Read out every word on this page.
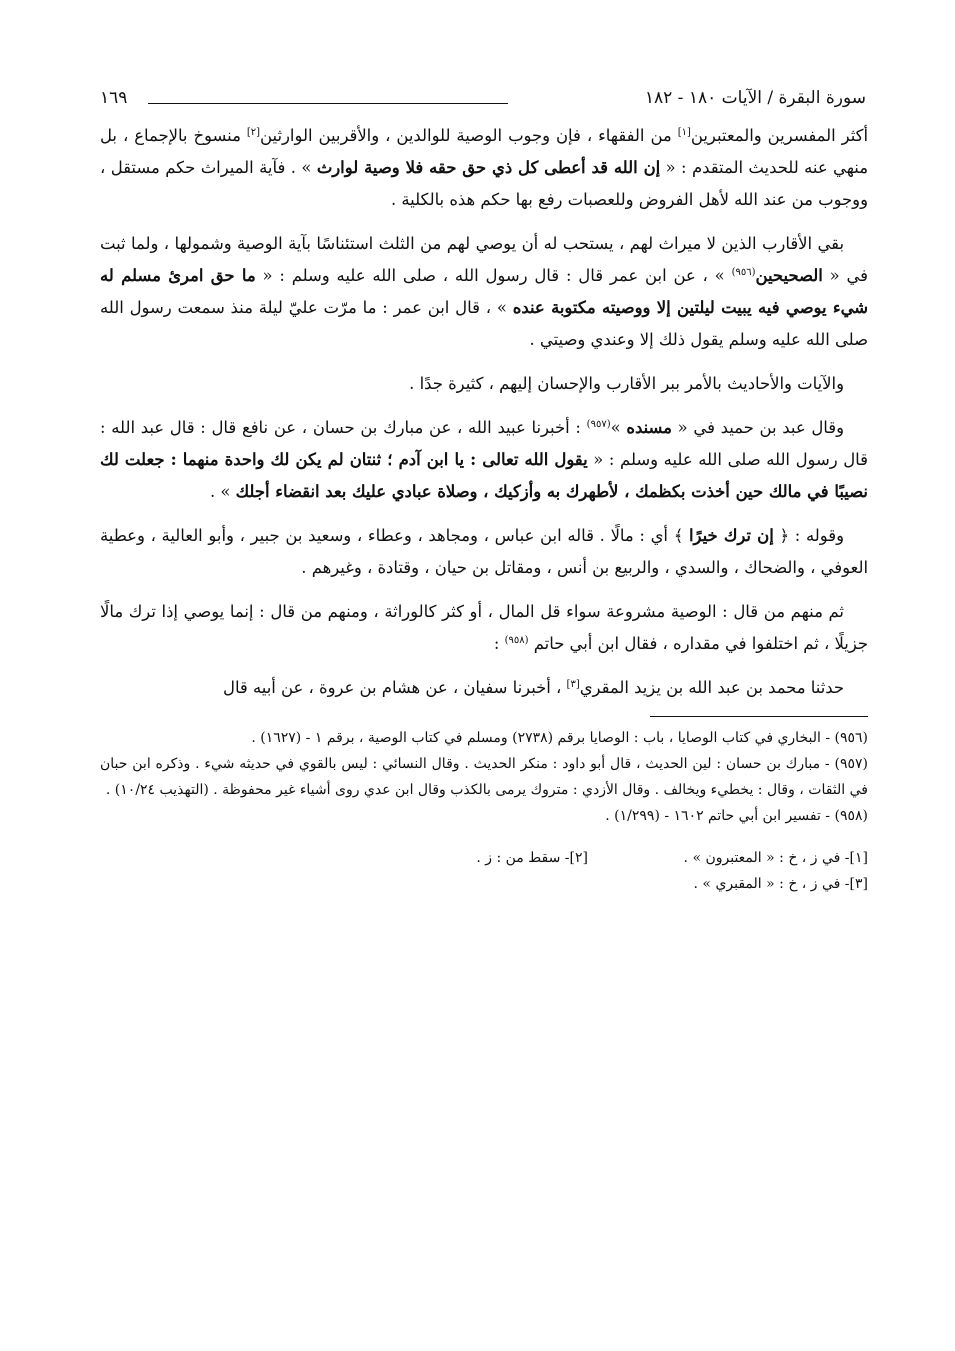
سورة البقرة / الآيات ١٨٠ - ١٨٢
١٦٩

أكثر المفسرين والمعتبرين[١] من الفقهاء ، فإن وجوب الوصية للوالدين ، والأقربين الوارثين[٢] منسوخ بالإجماع ، بل منهي عنه للحديث المتقدم : « إن الله قد أعطى كل ذي حق حقه فلا وصية لوارث » . فآية الميراث حكم مستقل ، ووجوب من عند الله لأهل الفروض وللعصبات رفع بها حكم هذه بالكلية .

بقي الأقارب الذين لا ميراث لهم ، يستحب له أن يوصي لهم من الثلث استئناسًا بآية الوصية وشمولها ، ولما ثبت في « الصحيحين$^{(٩٥٦)}$ » ، عن ابن عمر قال : قال رسول الله ، صلى الله عليه وسلم : « ما حق امرئ مسلم له شيء يوصي فيه يبيت ليلتين إلا ووصيته مكتوبة عنده » ، قال ابن عمر : ما مرّت عليّ ليلة منذ سمعت رسول الله صلى الله عليه وسلم يقول ذلك إلا وعندي وصيتي .

والآيات والأحاديث بالأمر ببر الأقارب والإحسان إليهم ، كثيرة جدًا .

وقال عبد بن حميد في « مسنده »$^{(٩٥٧)}$ : أخبرنا عبيد الله ، عن مبارك بن حسان ، عن نافع قال : قال عبد الله : قال رسول الله صلى الله عليه وسلم : « يقول الله تعالى : يا ابن آدم ؛ ثنتان لم يكن لك واحدة منهما : جعلت لك نصيبًا في مالك حين أخذت بكظمك ، لأطهرك به وأزكيك ، وصلاة عبادي عليك بعد انقضاء أجلك » .

وقوله : ﴿ إن ترك خيرًا ﴾ أي : مالًا . قاله ابن عباس ، ومجاهد ، وعطاء ، وسعيد بن جبير ، وأبو العالية ، وعطية العوفي ، والضحاك ، والسدي ، والربيع بن أنس ، ومقاتل بن حيان ، وقتادة ، وغيرهم .

ثم منهم من قال : الوصية مشروعة سواء قل المال ، أو كثر كالوراثة ، ومنهم من قال : إنما يوصي إذا ترك مالًا جزيلًا ، ثم اختلفوا في مقداره ، فقال ابن أبي حاتم $^{(٩٥٨)}$ :

حدثنا محمد بن عبد الله بن يزيد المقري[٣] ، أخبرنا سفيان ، عن هشام بن عروة ، عن أبيه قال

(٩٥٦) - البخاري في كتاب الوصايا ، باب : الوصايا برقم (٢٧٣٨) ومسلم في كتاب الوصية ، برقم ١ - (١٦٢٧) .

(٩٥٧) - مبارك بن حسان : لين الحديث ، قال أبو داود : منكر الحديث . وقال النسائي : ليس بالقوي في حديثه شيء . وذكره ابن حبان في الثقات ، وقال : يخطيء ويخالف . وقال الأزدي : متروك يرمى بالكذب وقال ابن عدي روى أشياء غير محفوظة . (التهذيب ١٠/٢٤) .

(٩٥٨) - تفسير ابن أبي حاتم ١٦٠٢ - (١/٢٩٩) .

[١]- في ز ، خ : « المعتبرون » .
[٢]- سقط من : ز .
[٣]- في ز ، خ : « المقبري » .
